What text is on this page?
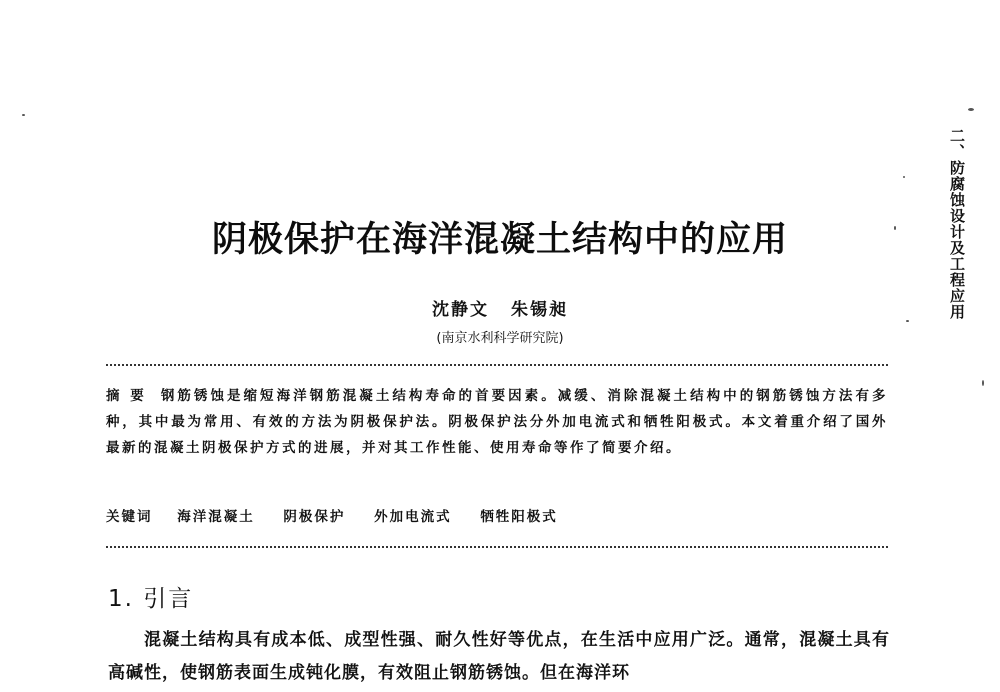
二、防腐蚀设计及工程应用
阴极保护在海洋混凝土结构中的应用
沈静文 朱锡昶
(南京水利科学研究院)
摘 要 钢筋锈蚀是缩短海洋钢筋混凝土结构寿命的首要因素。减缓、消除混凝土结构中的钢筋锈蚀方法有多种，其中最为常用、有效的方法为阴极保护法。阴极保护法分外加电流式和牺牲阳极式。本文着重介绍了国外最新的混凝土阴极保护方式的进展，并对其工作性能、使用寿命等作了简要介绍。
关键词 海洋混凝土 阴极保护 外加电流式 牺牲阳极式
1. 引言
混凝土结构具有成本低、成型性强、耐久性好等优点，在生活中应用广泛。通常，混凝土具有高碱性，使钢筋表面生成钝化膜，有效阻止钢筋锈蚀。但在海洋环
